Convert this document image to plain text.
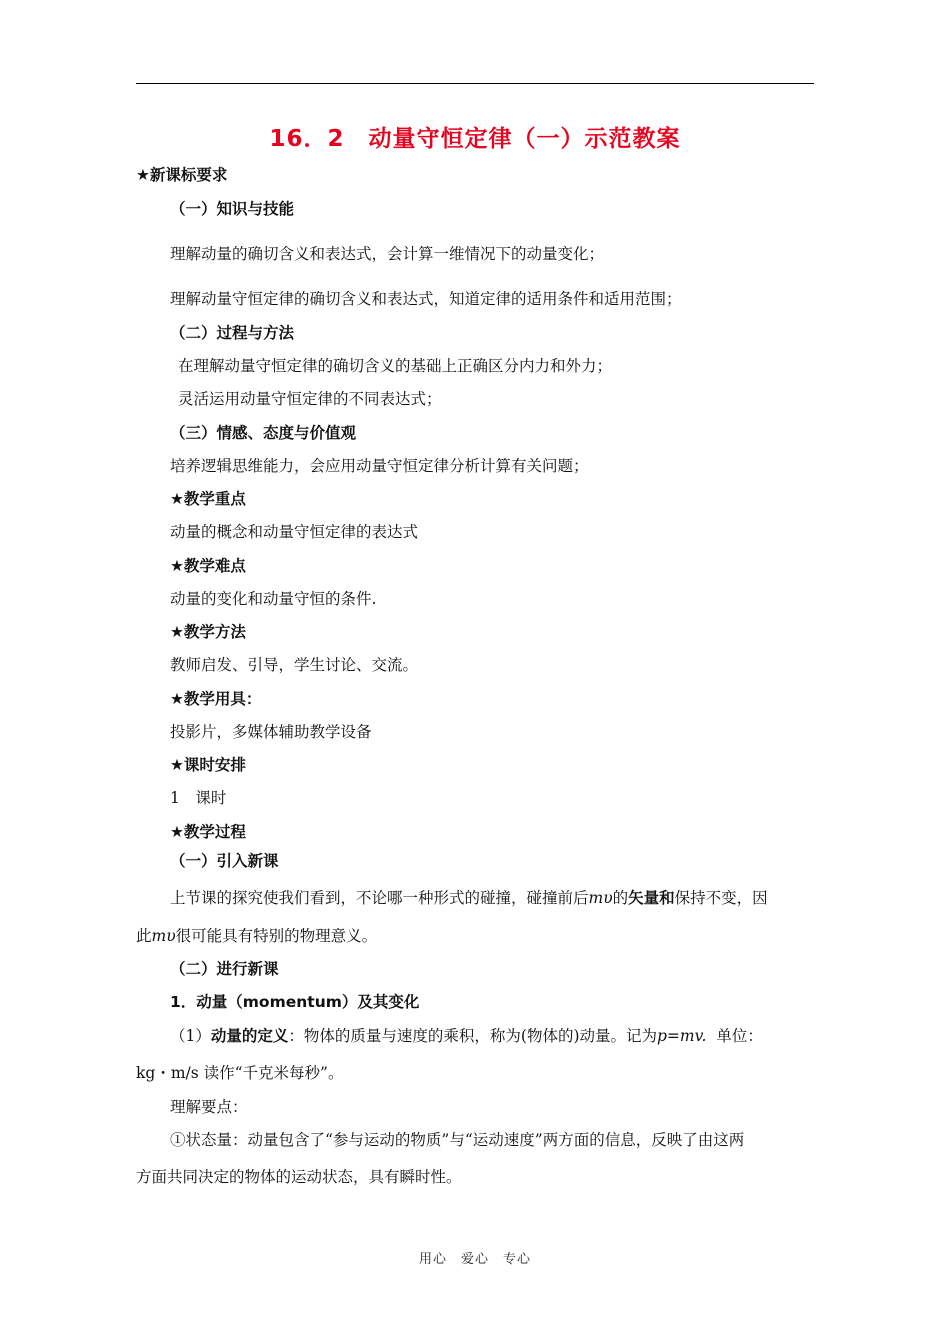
16．2　动量守恒定律（一）示范教案
★新课标要求
（一）知识与技能
理解动量的确切含义和表达式，会计算一维情况下的动量变化；
理解动量守恒定律的确切含义和表达式，知道定律的适用条件和适用范围；
（二）过程与方法
在理解动量守恒定律的确切含义的基础上正确区分内力和外力；
灵活运用动量守恒定律的不同表达式；
（三）情感、态度与价值观
培养逻辑思维能力，会应用动量守恒定律分析计算有关问题；
★教学重点
动量的概念和动量守恒定律的表达式
★教学难点
动量的变化和动量守恒的条件.
★教学方法
教师启发、引导，学生讨论、交流。
★教学用具：
投影片，多媒体辅助教学设备
★课时安排
1　课时
★教学过程
（一）引入新课
上节课的探究使我们看到，不论哪一种形式的碰撞，碰撞前后mυ的矢量和保持不变，因
此mυ很可能具有特别的物理意义。
（二）进行新课
1．动量（momentum）及其变化
（1）动量的定义：物体的质量与速度的乘积，称为(物体的)动量。记为p=mv. 单位：
kg・m/s 读作“千克米每秒”。
理解要点：
①状态量：动量包含了“参与运动的物质”与“运动速度”两方面的信息，反映了由这两
方面共同决定的物体的运动状态，具有瞬时性。
用心　爱心　专心
